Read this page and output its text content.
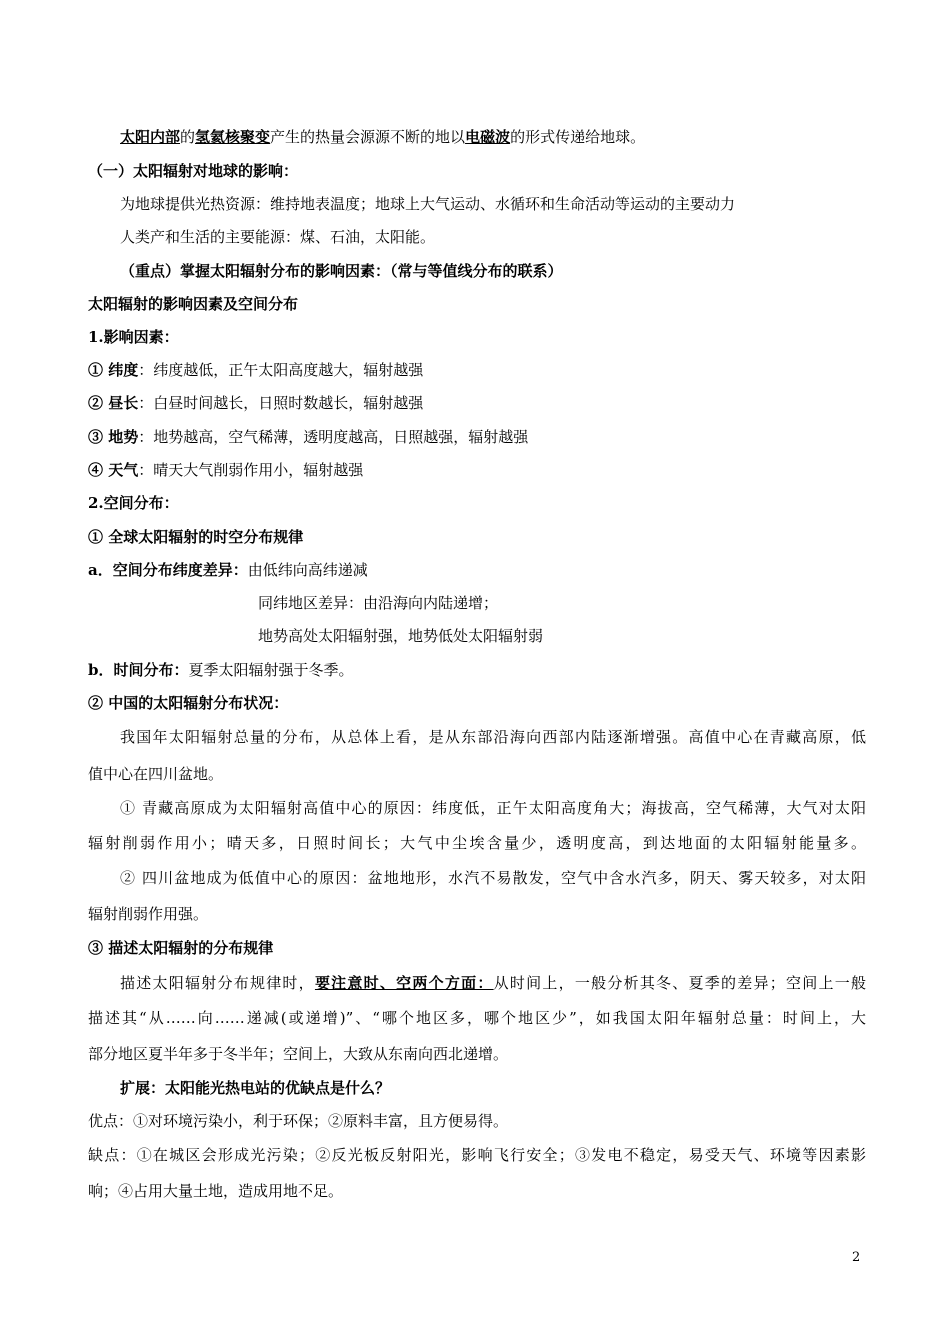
太阳内部的氢氦核聚变产生的热量会源源不断的地以电磁波的形式传递给地球。
（一）太阳辐射对地球的影响：
为地球提供光热资源：维持地表温度；地球上大气运动、水循环和生命活动等运动的主要动力
人类产和生活的主要能源：煤、石油，太阳能。
（重点）掌握太阳辐射分布的影响因素：（常与等值线分布的联系）
太阳辐射的影响因素及空间分布
1.影响因素：
① 纬度：纬度越低，正午太阳高度越大，辐射越强
② 昼长：白昼时间越长，日照时数越长，辐射越强
③ 地势：地势越高，空气稀薄，透明度越高，日照越强，辐射越强
④ 天气：晴天大气削弱作用小，辐射越强
2.空间分布：
① 全球太阳辐射的时空分布规律
a．空间分布纬度差异：由低纬向高纬递减
同纬地区差异：由沿海向内陆递增；
地势高处太阳辐射强，地势低处太阳辐射弱
b．时间分布：夏季太阳辐射强于冬季。
② 中国的太阳辐射分布状况：
我国年太阳辐射总量的分布，从总体上看，是从东部沿海向西部内陆逐渐增强。高值中心在青藏高原，低
值中心在四川盆地。
① 青藏高原成为太阳辐射高值中心的原因：纬度低，正午太阳高度角大；海拔高，空气稀薄，大气对太阳
辐射削弱作用小；晴天多，日照时间长；大气中尘埃含量少，透明度高，到达地面的太阳辐射能量多。
② 四川盆地成为低值中心的原因：盆地地形，水汽不易散发，空气中含水汽多，阴天、雾天较多，对太阳
辐射削弱作用强。
③ 描述太阳辐射的分布规律
描述太阳辐射分布规律时，要注意时、空两个方面：从时间上，一般分析其冬、夏季的差异；空间上一般
描述其“从……向……递减(或递增)”、“哪个地区多，哪个地区少”，如我国太阳年辐射总量：时间上，大
部分地区夏半年多于冬半年；空间上，大致从东南向西北递增。
扩展：太阳能光热电站的优缺点是什么？
优点：①对环境污染小，利于环保；②原料丰富，且方便易得。
缺点：①在城区会形成光污染；②反光板反射阳光，影响飞行安全；③发电不稳定，易受天气、环境等因素影
响；④占用大量土地，造成用地不足。
2
